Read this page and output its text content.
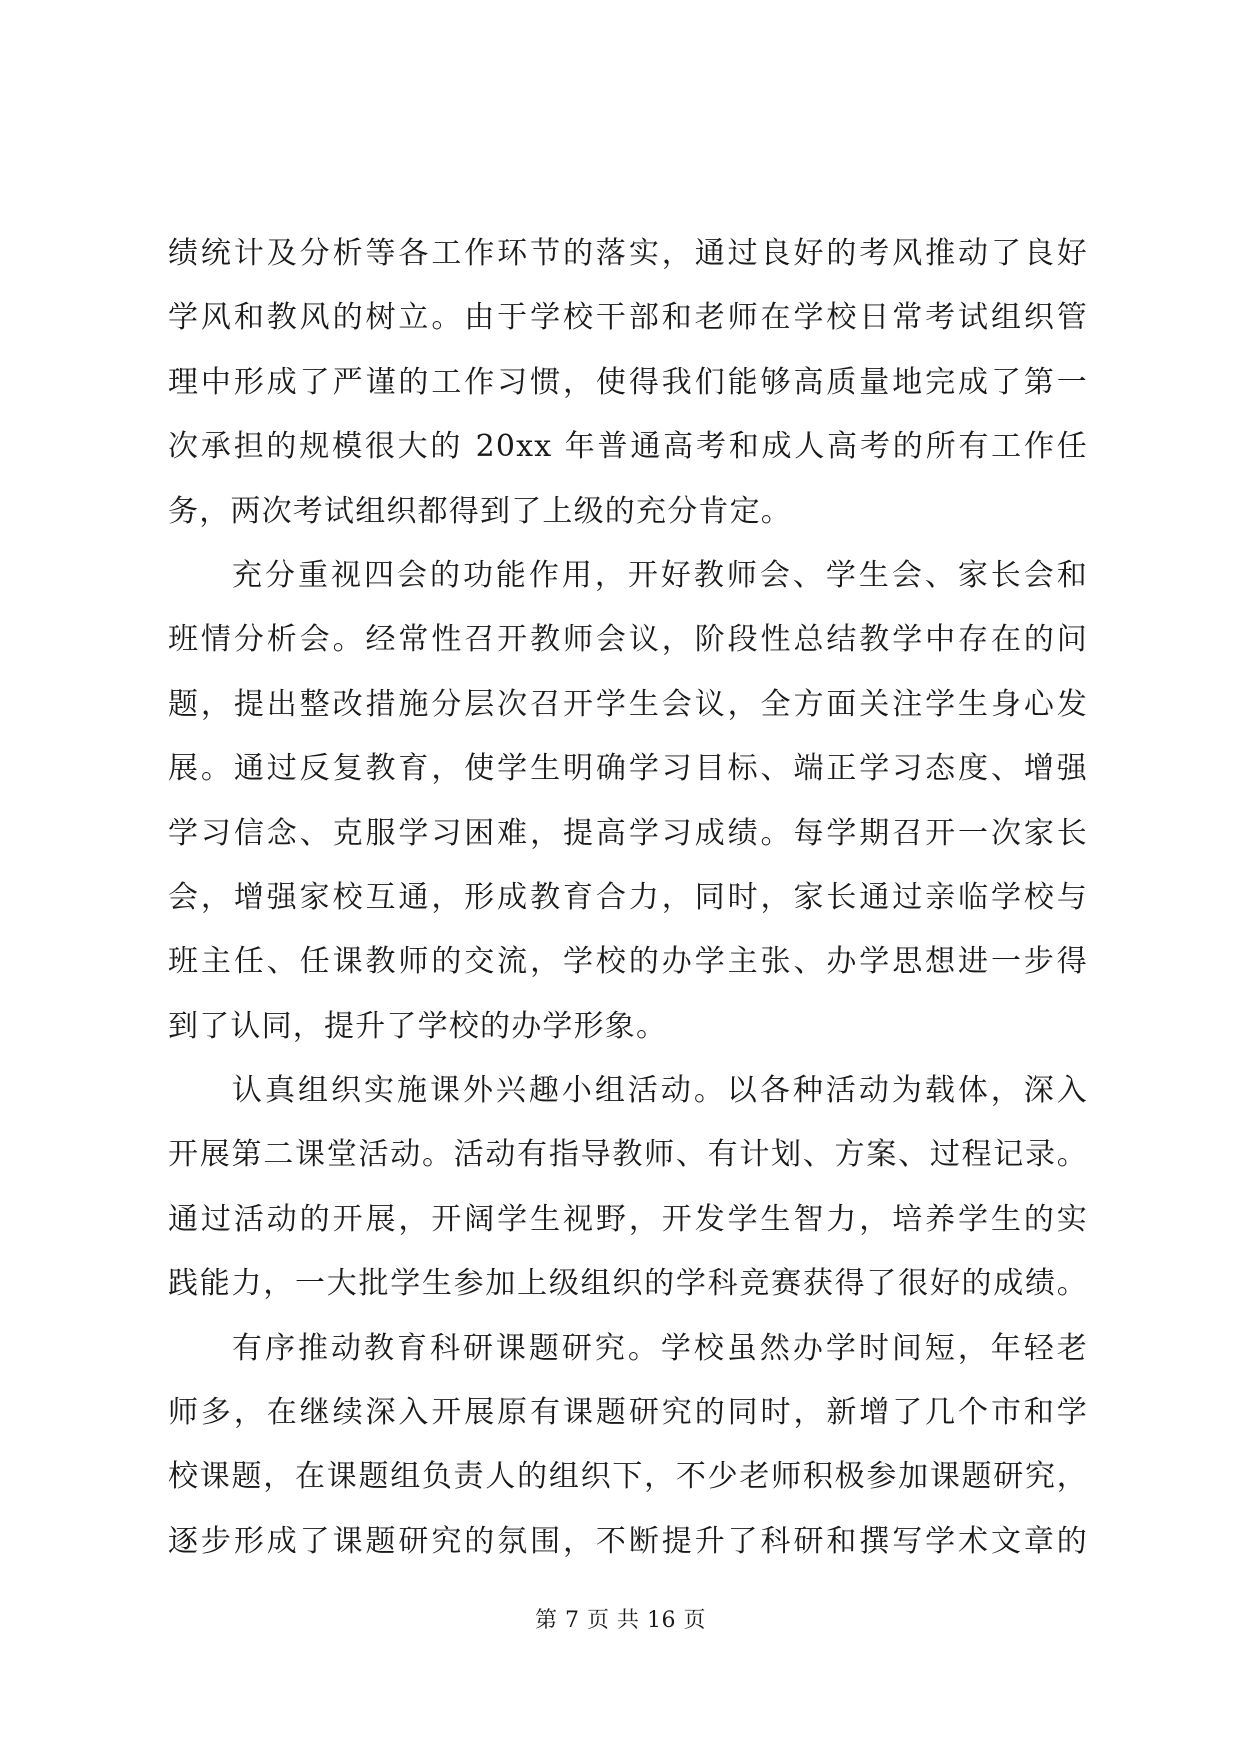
绩统计及分析等各工作环节的落实，通过良好的考风推动了良好
学风和教风的树立。由于学校干部和老师在学校日常考试组织管
理中形成了严谨的工作习惯，使得我们能够高质量地完成了第一
次承担的规模很大的 20xx 年普通高考和成人高考的所有工作任
务，两次考试组织都得到了上级的充分肯定。
充分重视四会的功能作用，开好教师会、学生会、家长会和
班情分析会。经常性召开教师会议，阶段性总结教学中存在的问
题，提出整改措施分层次召开学生会议，全方面关注学生身心发
展。通过反复教育，使学生明确学习目标、端正学习态度、增强
学习信念、克服学习困难，提高学习成绩。每学期召开一次家长
会，增强家校互通，形成教育合力，同时，家长通过亲临学校与
班主任、任课教师的交流，学校的办学主张、办学思想进一步得
到了认同，提升了学校的办学形象。
认真组织实施课外兴趣小组活动。以各种活动为载体，深入
开展第二课堂活动。活动有指导教师、有计划、方案、过程记录。
通过活动的开展，开阔学生视野，开发学生智力，培养学生的实
践能力，一大批学生参加上级组织的学科竞赛获得了很好的成绩。
有序推动教育科研课题研究。学校虽然办学时间短，年轻老
师多，在继续深入开展原有课题研究的同时，新增了几个市和学
校课题，在课题组负责人的组织下，不少老师积极参加课题研究，
逐步形成了课题研究的氛围，不断提升了科研和撰写学术文章的
第 7 页 共 16 页
